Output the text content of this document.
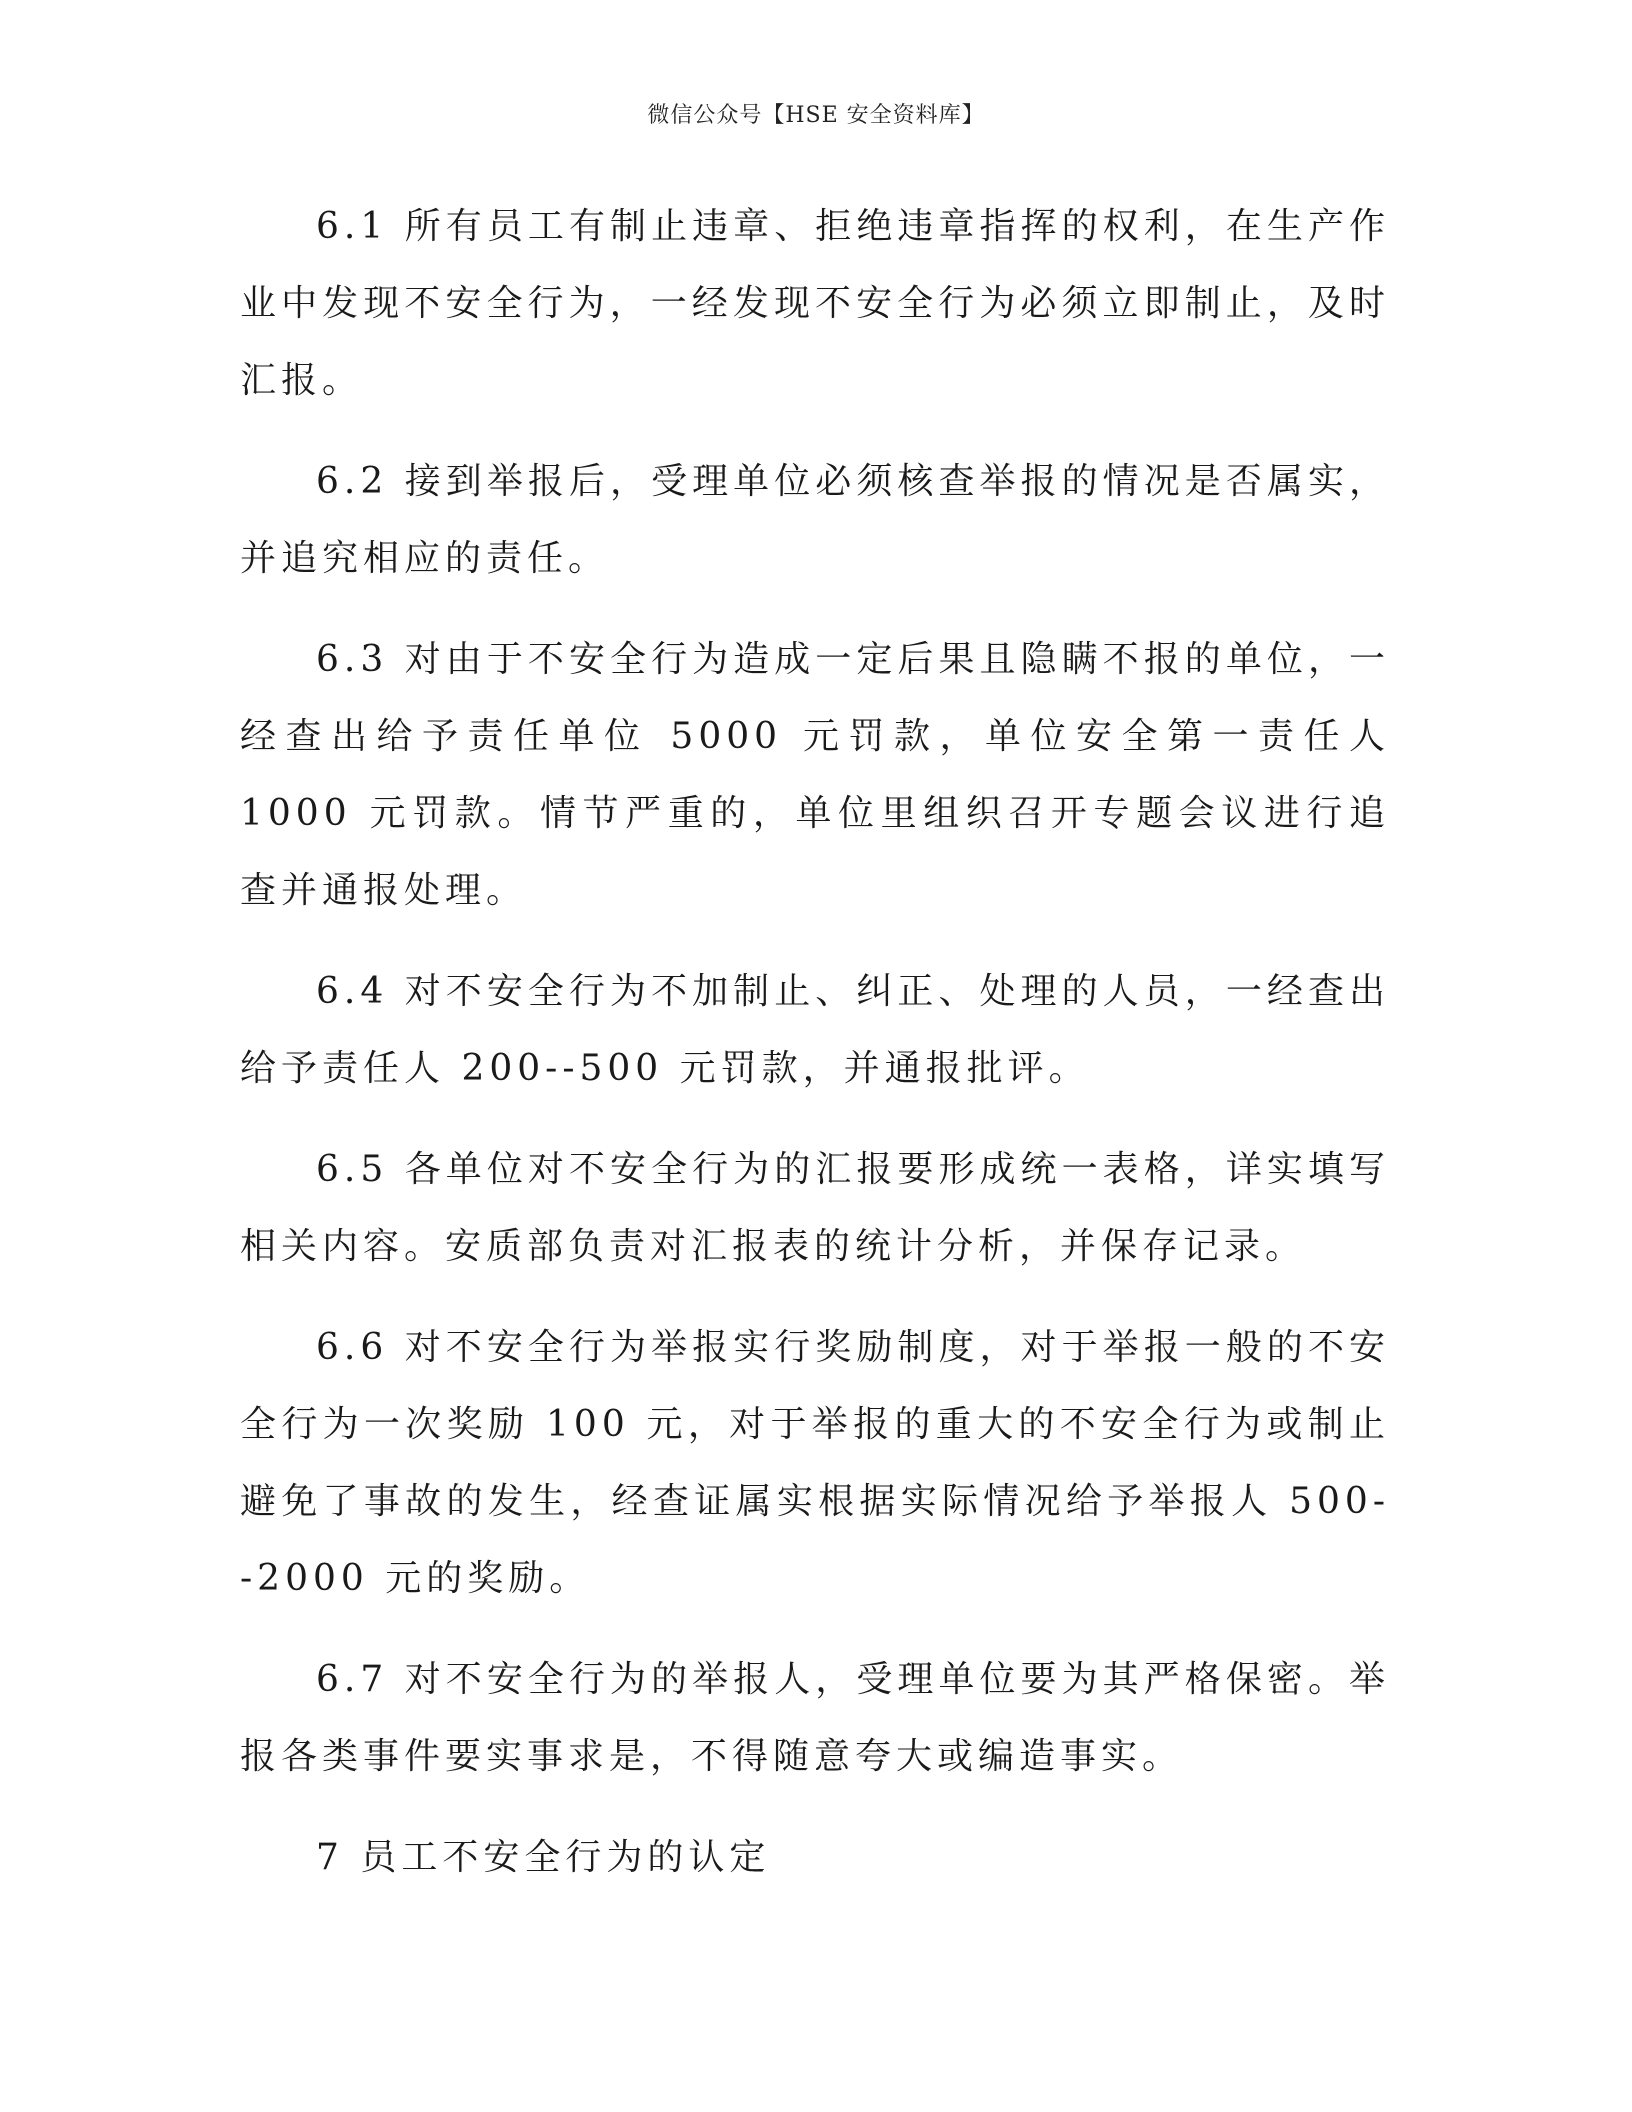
微信公众号【HSE 安全资料库】

6.1 所有员工有制止违章、拒绝违章指挥的权利，在生产作业中发现不安全行为，一经发现不安全行为必须立即制止，及时汇报。

6.2 接到举报后，受理单位必须核查举报的情况是否属实，并追究相应的责任。

6.3 对由于不安全行为造成一定后果且隐瞒不报的单位，一经查出给予责任单位 5000 元罚款，单位安全第一责任人 1000 元罚款。情节严重的，单位里组织召开专题会议进行追查并通报处理。

6.4 对不安全行为不加制止、纠正、处理的人员，一经查出给予责任人 200--500 元罚款，并通报批评。

6.5 各单位对不安全行为的汇报要形成统一表格，详实填写相关内容。安质部负责对汇报表的统计分析，并保存记录。

6.6 对不安全行为举报实行奖励制度，对于举报一般的不安全行为一次奖励 100 元，对于举报的重大的不安全行为或制止避免了事故的发生，经查证属实根据实际情况给予举报人 500--2000 元的奖励。

6.7 对不安全行为的举报人，受理单位要为其严格保密。举报各类事件要实事求是，不得随意夸大或编造事实。

7 员工不安全行为的认定
